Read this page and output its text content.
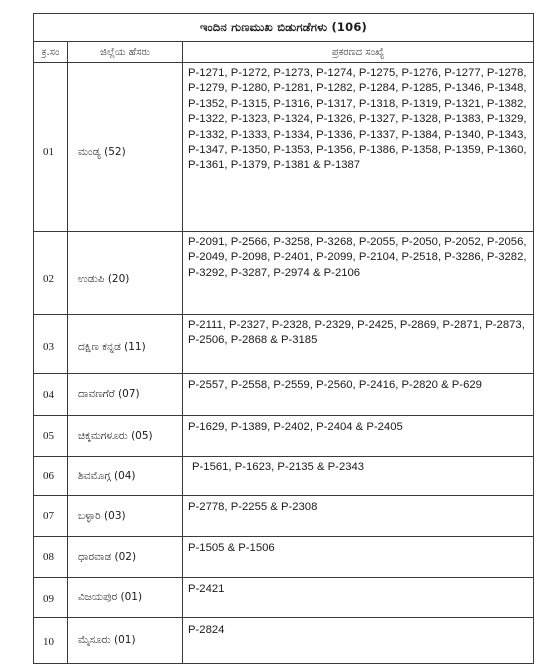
ಇಂದಿನ ಗುಣಮುಖ ಬಿಡುಗಡೆಗಳು (106)		
ಕ್ರ.ಸಂ	ಜಿಲ್ಲೆಯ ಹೆಸರು	ಪ್ರಕರಣದ ಸಂಖ್ಯೆ
01	ಮಂಡ್ಯ (52)	P-1271, P-1272, P-1273, P-1274, P-1275, P-1276, P-1277, P-1278, P-1279, P-1280, P-1281, P-1282, P-1284, P-1285, P-1346, P-1348, P-1352, P-1315, P-1316, P-1317, P-1318, P-1319, P-1321, P-1382, P-1322, P-1323, P-1324, P-1326, P-1327, P-1328, P-1383, P-1329, P-1332, P-1333, P-1334, P-1336, P-1337, P-1384, P-1340, P-1343, P-1347, P-1350, P-1353, P-1356, P-1386, P-1358, P-1359, P-1360, P-1361, P-1379, P-1381 & P-1387
02	ಉಡುಪಿ (20)	P-2091, P-2566, P-3258, P-3268, P-2055, P-2050, P-2052, P-2056, P-2049, P-2098, P-2401, P-2099, P-2104, P-2518, P-3286, P-3282, P-3292, P-3287, P-2974 & P-2106
03	ದಕ್ಷಿಣ ಕನ್ನಡ (11)	P-2111, P-2327, P-2328, P-2329, P-2425, P-2869, P-2871, P-2873, P-2506, P-2868 & P-3185
04	ದಾವಣಗೆರೆ (07)	P-2557, P-2558, P-2559, P-2560, P-2416, P-2820 & P-629
05	ಚಿಕ್ಕಮಗಳೂರು (05)	P-1629, P-1389, P-2402, P-2404 & P-2405
06	ಶಿವಮೊಗ್ಗ (04)	P-1561, P-1623, P-2135 & P-2343
07	ಬಳ್ಳಾರಿ (03)	P-2778, P-2255 & P-2308
08	ಧಾರವಾಡ (02)	P-1505 & P-1506
09	ವಿಜಯಪುರ (01)	P-2421
10	ಮೈಸೂರು (01)	P-2824
